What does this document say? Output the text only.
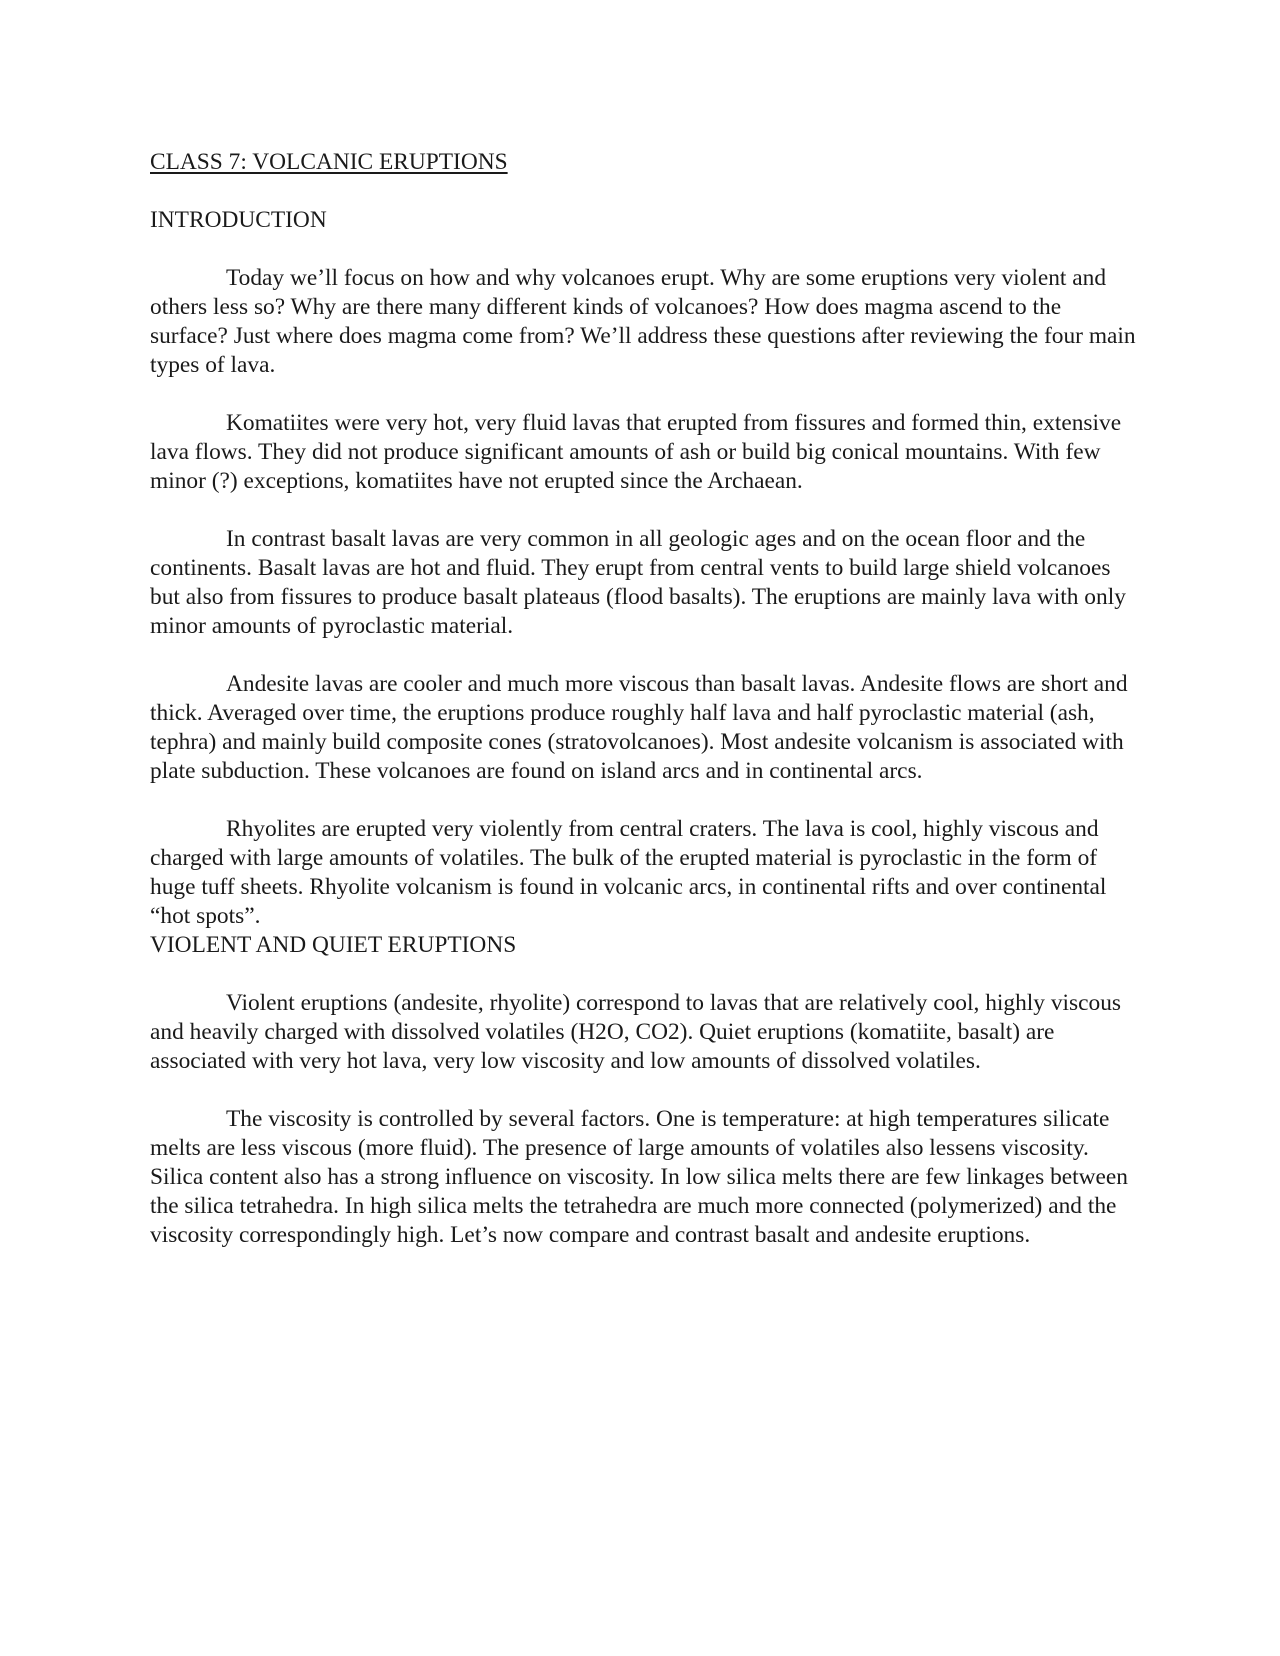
CLASS 7: VOLCANIC ERUPTIONS
INTRODUCTION

Today we’ll focus on how and why volcanoes erupt. Why are some eruptions very violent and others less so? Why are there many different kinds of volcanoes? How does magma ascend to the surface? Just where does magma come from? We’ll address these questions after reviewing the four main types of lava.

Komatiites were very hot, very fluid lavas that erupted from fissures and formed thin, extensive lava flows. They did not produce significant amounts of ash or build big conical mountains. With few minor (?) exceptions, komatiites have not erupted since the Archaean.

In contrast basalt lavas are very common in all geologic ages and on the ocean floor and the continents. Basalt lavas are hot and fluid. They erupt from central vents to build large shield volcanoes but also from fissures to produce basalt plateaus (flood basalts). The eruptions are mainly lava with only minor amounts of pyroclastic material.

Andesite lavas are cooler and much more viscous than basalt lavas. Andesite flows are short and thick. Averaged over time, the eruptions produce roughly half lava and half pyroclastic material (ash, tephra) and mainly build composite cones (stratovolcanoes). Most andesite volcanism is associated with plate subduction. These volcanoes are found on island arcs and in continental arcs.

Rhyolites are erupted very violently from central craters. The lava is cool, highly viscous and charged with large amounts of volatiles. The bulk of the erupted material is pyroclastic in the form of huge tuff sheets. Rhyolite volcanism is found in volcanic arcs, in continental rifts and over continental “hot spots”.

VIOLENT AND QUIET ERUPTIONS

Violent eruptions (andesite, rhyolite) correspond to lavas that are relatively cool, highly viscous and heavily charged with dissolved volatiles (H2O, CO2). Quiet eruptions (komatiite, basalt) are associated with very hot lava, very low viscosity and low amounts of dissolved volatiles.

The viscosity is controlled by several factors. One is temperature: at high temperatures silicate melts are less viscous (more fluid). The presence of large amounts of volatiles also lessens viscosity. Silica content also has a strong influence on viscosity. In low silica melts there are few linkages between the silica tetrahedra. In high silica melts the tetrahedra are much more connected (polymerized) and the viscosity correspondingly high. Let’s now compare and contrast basalt and andesite eruptions.
